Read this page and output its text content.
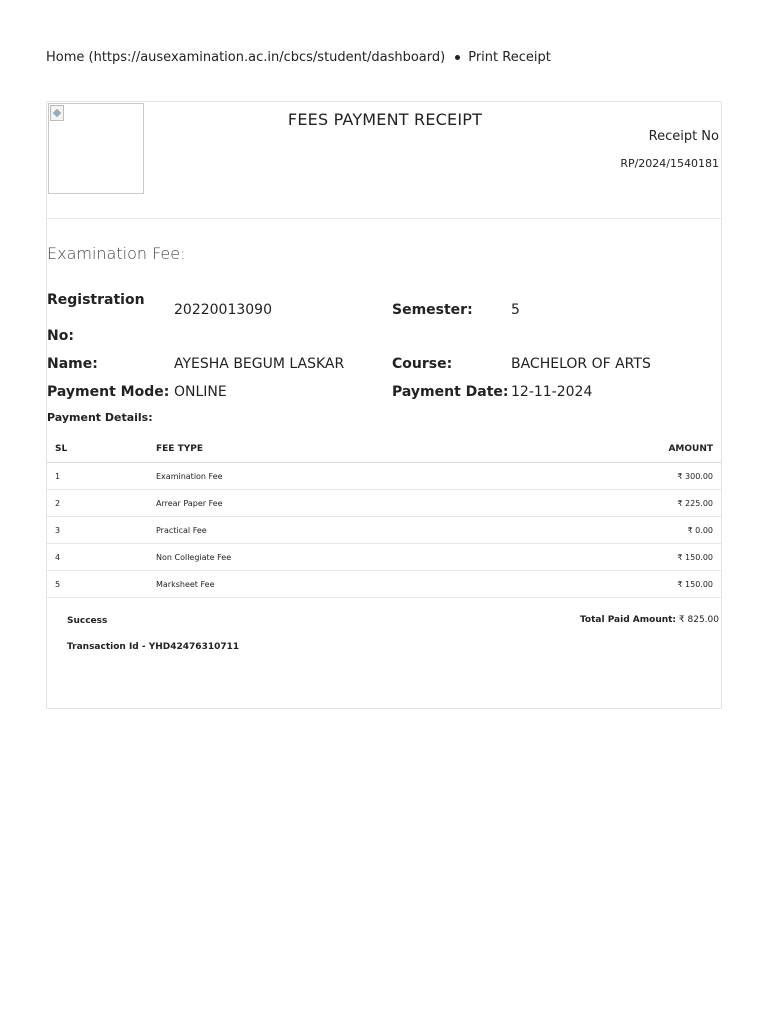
Home (https://ausexamination.ac.in/cbcs/student/dashboard) Print Receipt
FEES PAYMENT RECEIPT
Receipt No
RP/2024/1540181
Examination Fee:
Registration No:
20220013090	Semester:	5
Name:	AYESHA BEGUM LASKAR	Course:	BACHELOR OF ARTS
Payment Mode: ONLINE	Payment Date: 12-11-2024
Payment Details:
SL	FEE TYPE	AMOUNT
1	Examination Fee	₹ 300.00
2	Arrear Paper Fee	₹ 225.00
3	Practical Fee	₹ 0.00
4	Non Collegiate Fee	₹ 150.00
5	Marksheet Fee	₹ 150.00
Success
Transaction Id - YHD42476310711
Total Paid Amount: ₹ 825.00
